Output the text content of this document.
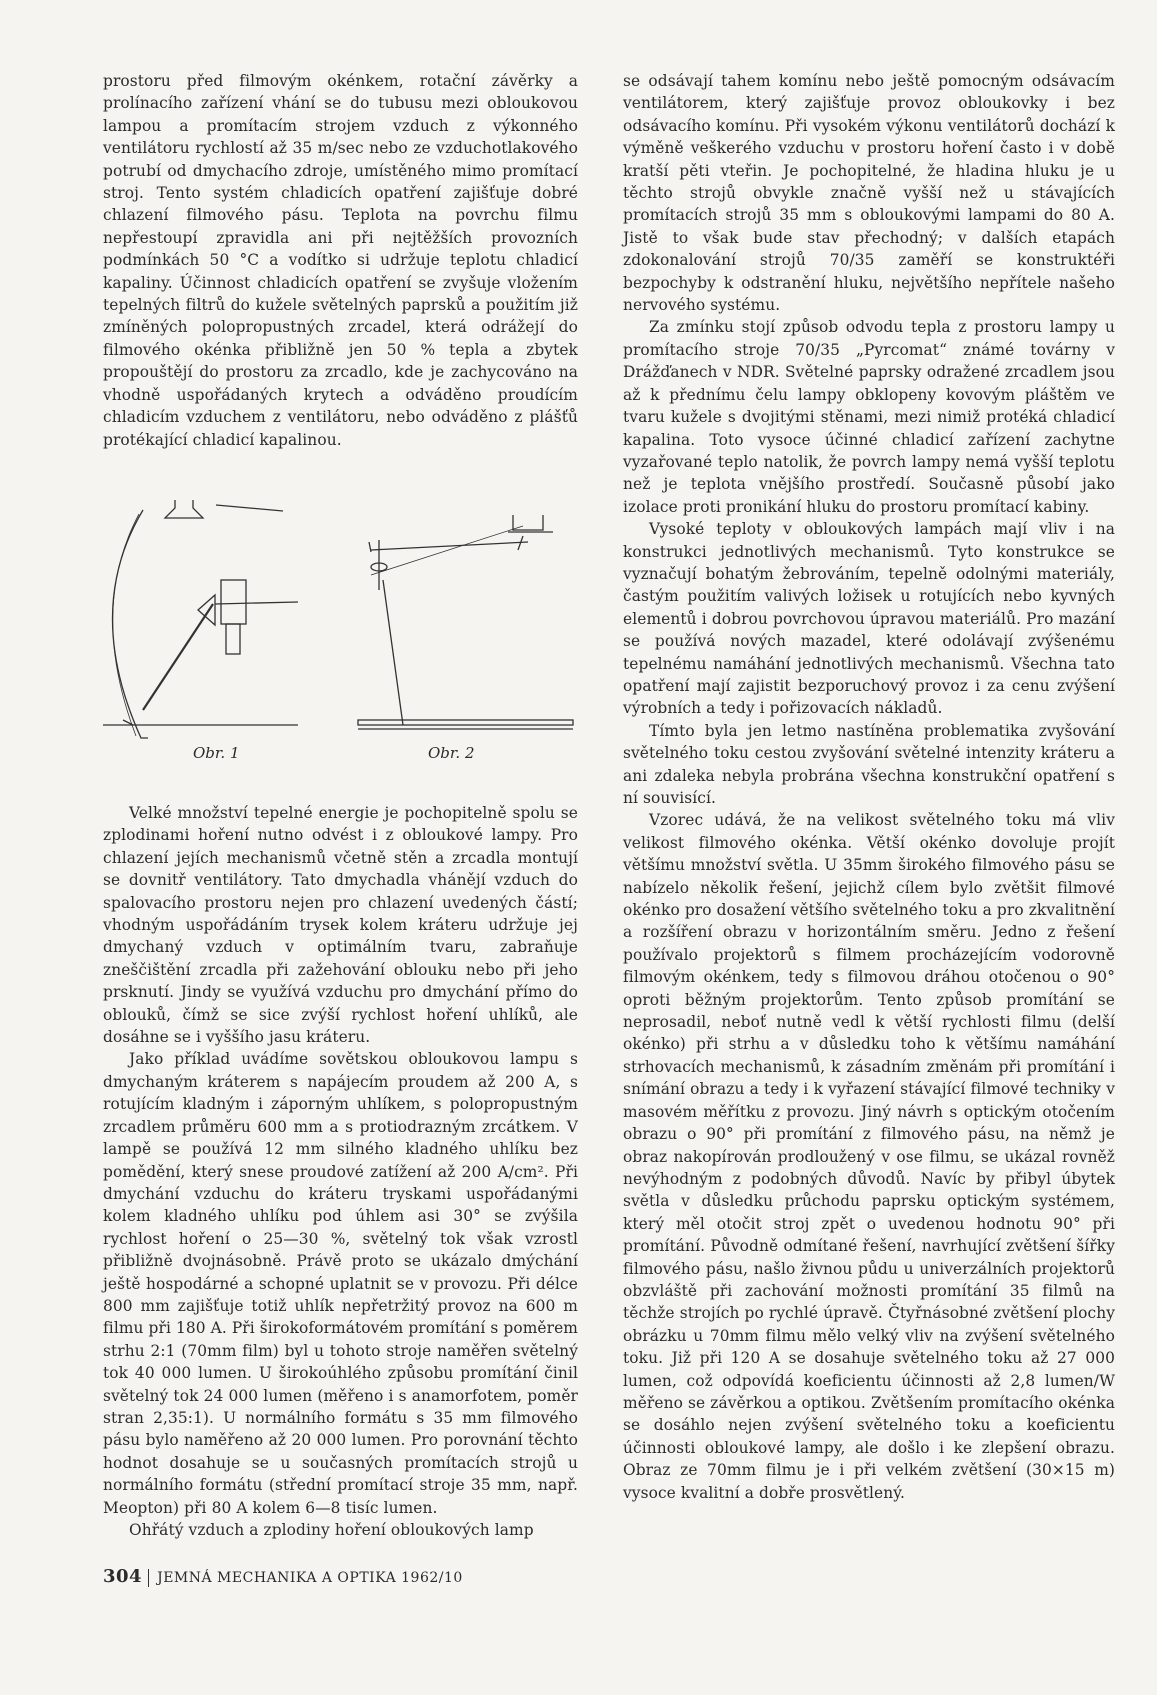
prostoru před filmovým okénkem, rotační závěrky a prolínacího zařízení vhání se do tubusu mezi obloukovou lampou a promítacím strojem vzduch z výkonného ventilátoru rychlostí až 35 m/sec nebo ze vzduchotlakového potrubí od dmychacího zdroje, umístěného mimo promítací stroj. Tento systém chladicích opatření zajišťuje dobré chlazení filmového pásu. Teplota na povrchu filmu nepřestoupí zpravidla ani při nejtěžších provozních podmínkách 50 °C a vodítko si udržuje teplotu chladicí kapaliny. Účinnost chladicích opatření se zvyšuje vložením tepelných filtrů do kužele světelných paprsků a použitím již zmíněných polopropustných zrcadel, která odrážejí do filmového okénka přibližně jen 50 % tepla a zbytek propouštějí do prostoru za zrcadlo, kde je zachycováno na vhodně uspořádaných krytech a odváděno proudícím chladicím vzduchem z ventilátoru, nebo odváděno z plášťů protékající chladicí kapalinou.

Obr. 1	Obr. 2

Velké množství tepelné energie je pochopitelně spolu se zplodinami hoření nutno odvést i z obloukové lampy. Pro chlazení jejích mechanismů včetně stěn a zrcadla montují se dovnitř ventilátory. Tato dmychadla vhánějí vzduch do spalovacího prostoru nejen pro chlazení uvedených částí; vhodným uspořádáním trysek kolem kráteru udržuje jej dmychaný vzduch v optimálním tvaru, zabraňuje zneščištění zrcadla při zažehování oblouku nebo při jeho prsknutí. Jindy se využívá vzduchu pro dmychání přímo do oblouků, čímž se sice zvýší rychlost hoření uhlíků, ale dosáhne se i vyššího jasu kráteru.

Jako příklad uvádíme sovětskou obloukovou lampu s dmychaným kráterem s napájecím proudem až 200 A, s rotujícím kladným i záporným uhlíkem, s polopropustným zrcadlem průměru 600 mm a s protiodrazným zrcátkem. V lampě se používá 12 mm silného kladného uhlíku bez pomědění, který snese proudové zatížení až 200 A/cm². Při dmychání vzduchu do kráteru tryskami uspořádanými kolem kladného uhlíku pod úhlem asi 30° se zvýšila rychlost hoření o 25—30 %, světelný tok však vzrostl přibližně dvojnásobně. Právě proto se ukázalo dmýchání ještě hospodárné a schopné uplatnit se v provozu. Při délce 800 mm zajišťuje totiž uhlík nepřetržitý provoz na 600 m filmu při 180 A. Při širokoformátovém promítání s poměrem strhu 2:1 (70mm film) byl u tohoto stroje naměřen světelný tok 40 000 lumen. U širokoúhlého způsobu promítání činil světelný tok 24 000 lumen (měřeno i s anamorfotem, poměr stran 2,35:1). U normálního formátu s 35 mm filmového pásu bylo naměřeno až 20 000 lumen. Pro porovnání těchto hodnot dosahuje se u současných promítacích strojů u normálního formátu (střední promítací stroje 35 mm, např. Meopton) při 80 A kolem 6—8 tisíc lumen.

Ohřátý vzduch a zplodiny hoření obloukových lamp

se odsávají tahem komínu nebo ještě pomocným odsávacím ventilátorem, který zajišťuje provoz obloukovky i bez odsávacího komínu. Při vysokém výkonu ventilátorů dochází k výměně veškerého vzduchu v prostoru hoření často i v době kratší pěti vteřin. Je pochopitelné, že hladina hluku je u těchto strojů obvykle značně vyšší než u stávajících promítacích strojů 35 mm s obloukovými lampami do 80 A. Jistě to však bude stav přechodný; v dalších etapách zdokonalování strojů 70/35 zaměří se konstruktéři bezpochyby k odstranění hluku, největšího nepřítele našeho nervového systému.

Za zmínku stojí způsob odvodu tepla z prostoru lampy u promítacího stroje 70/35 „Pyrcomat“ známé továrny v Drážďanech v NDR. Světelné paprsky odražené zrcadlem jsou až k přednímu čelu lampy obklopeny kovovým pláštěm ve tvaru kužele s dvojitými stěnami, mezi nimiž protéká chladicí kapalina. Toto vysoce účinné chladicí zařízení zachytne vyzařované teplo natolik, že povrch lampy nemá vyšší teplotu než je teplota vnějšího prostředí. Současně působí jako izolace proti pronikání hluku do prostoru promítací kabiny.

Vysoké teploty v obloukových lampách mají vliv i na konstrukci jednotlivých mechanismů. Tyto konstrukce se vyznačují bohatým žebrováním, tepelně odolnými materiály, častým použitím valivých ložisek u rotujících nebo kyvných elementů i dobrou povrchovou úpravou materiálů. Pro mazání se používá nových mazadel, které odolávají zvýšenému tepelnému namáhání jednotlivých mechanismů. Všechna tato opatření mají zajistit bezporuchový provoz i za cenu zvýšení výrobních a tedy i pořizovacích nákladů.

Tímto byla jen letmo nastíněna problematika zvyšování světelného toku cestou zvyšování světelné intenzity kráteru a ani zdaleka nebyla probrána všechna konstrukční opatření s ní souvisící.

Vzorec udává, že na velikost světelného toku má vliv velikost filmového okénka. Větší okénko dovoluje projít většímu množství světla. U 35mm širokého filmového pásu se nabízelo několik řešení, jejichž cílem bylo zvětšit filmové okénko pro dosažení většího světelného toku a pro zkvalitnění a rozšíření obrazu v horizontálním směru. Jedno z řešení používalo projektorů s filmem procházejícím vodorovně filmovým okénkem, tedy s filmovou dráhou otočenou o 90° oproti běžným projektorům. Tento způsob promítání se neprosadil, neboť nutně vedl k větší rychlosti filmu (delší okénko) při strhu a v důsledku toho k většímu namáhání strhovacích mechanismů, k zásadním změnám při promítání i snímání obrazu a tedy i k vyřazení stávající filmové techniky v masovém měřítku z provozu. Jiný návrh s optickým otočením obrazu o 90° při promítání z filmového pásu, na němž je obraz nakopírován prodloužený v ose filmu, se ukázal rovněž nevýhodným z podobných důvodů. Navíc by přibyl úbytek světla v důsledku průchodu paprsku optickým systémem, který měl otočit stroj zpět o uvedenou hodnotu 90° při promítání. Původně odmítané řešení, navrhující zvětšení šířky filmového pásu, našlo živnou půdu u univerzálních projektorů obzvláště při zachování možnosti promítání 35 filmů na těchže strojích po rychlé úpravě. Čtyřnásobné zvětšení plochy obrázku u 70mm filmu mělo velký vliv na zvýšení světelného toku. Již při 120 A se dosahuje světelného toku až 27 000 lumen, což odpovídá koeficientu účinnosti až 2,8 lumen/W měřeno se závěrkou a optikou. Zvětšením promítacího okénka se dosáhlo nejen zvýšení světelného toku a koeficientu účinnosti obloukové lampy, ale došlo i ke zlepšení obrazu. Obraz ze 70mm filmu je i při velkém zvětšení (30×15 m) vysoce kvalitní a dobře prosvětlený.

304 JEMNÁ MECHANIKA A OPTIKA 1962/10
